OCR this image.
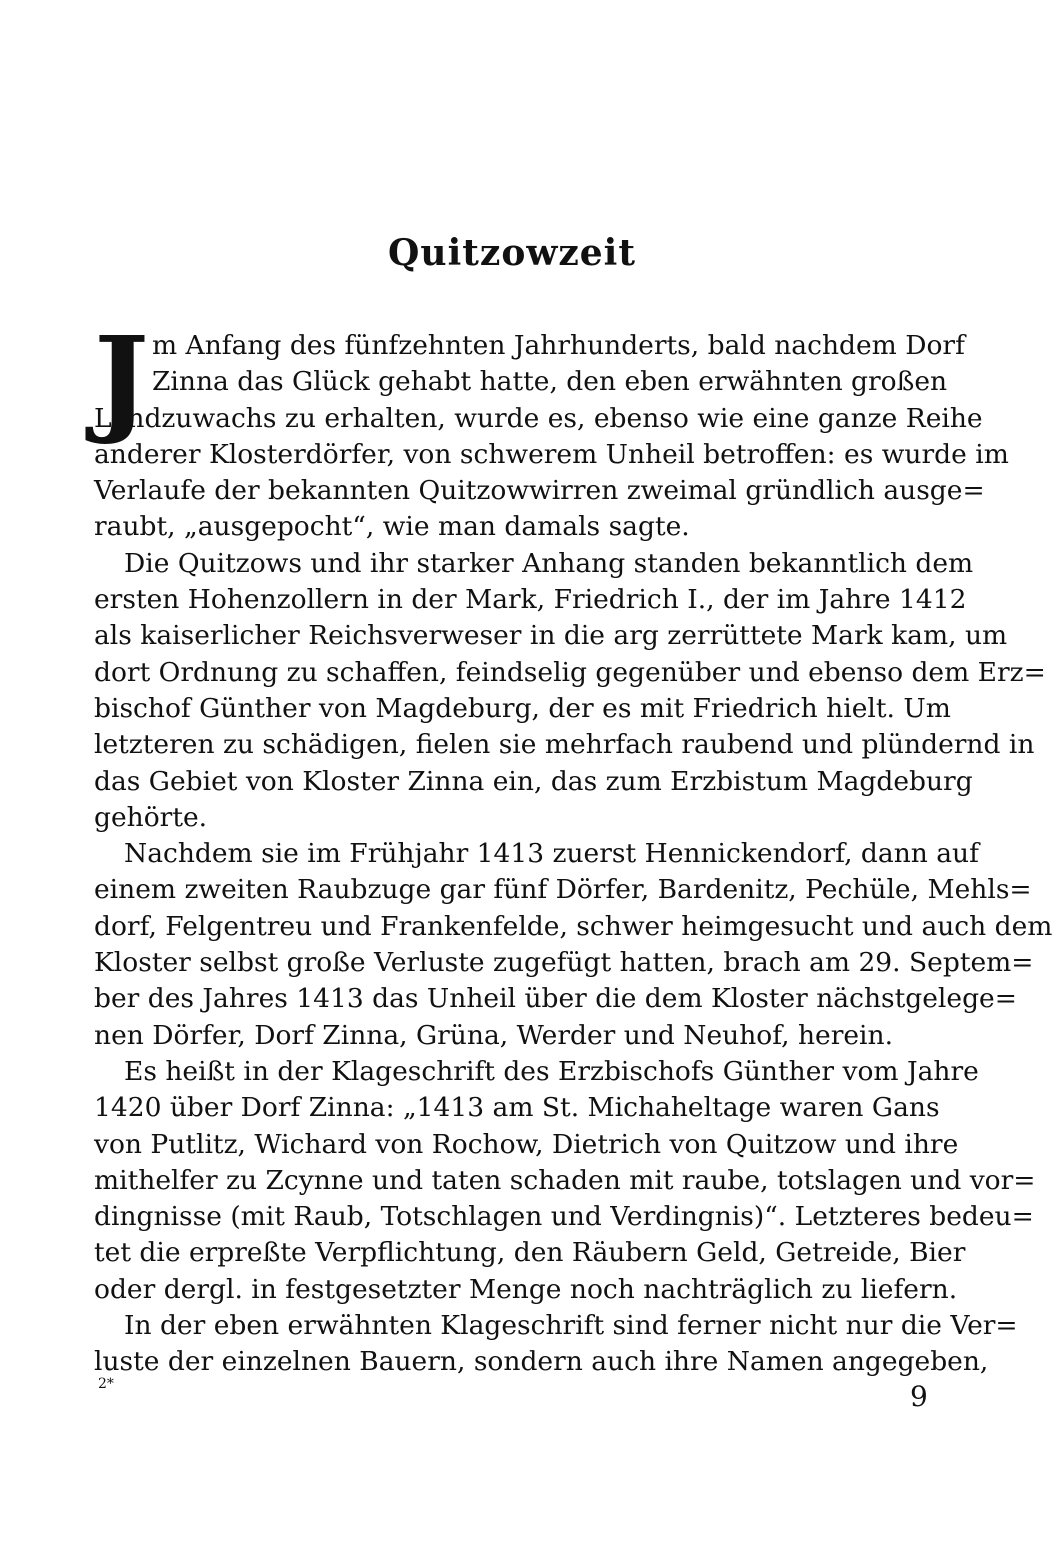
Quitzowzeit
J m Anfang des fünfzehnten Jahrhunderts, bald nachdem Dorf
Zinna das Glück gehabt hatte, den eben erwähnten großen
Landzuwachs zu erhalten, wurde es, ebenso wie eine ganze Reihe
anderer Klosterdörfer, von schwerem Unheil betroffen: es wurde im
Verlaufe der bekannten Quitzowwirren zweimal gründlich ausge=
raubt, „ausgepocht“, wie man damals sagte.
Die Quitzows und ihr starker Anhang standen bekanntlich dem
ersten Hohenzollern in der Mark, Friedrich I., der im Jahre 1412
als kaiserlicher Reichsverweser in die arg zerrüttete Mark kam, um
dort Ordnung zu schaffen, feindselig gegenüber und ebenso dem Erz=
bischof Günther von Magdeburg, der es mit Friedrich hielt. Um
letzteren zu schädigen, fielen sie mehrfach raubend und plündernd in
das Gebiet von Kloster Zinna ein, das zum Erzbistum Magdeburg
gehörte.
Nachdem sie im Frühjahr 1413 zuerst Hennickendorf, dann auf
einem zweiten Raubzuge gar fünf Dörfer, Bardenitz, Pechüle, Mehls=
dorf, Felgentreu und Frankenfelde, schwer heimgesucht und auch dem
Kloster selbst große Verluste zugefügt hatten, brach am 29. Septem=
ber des Jahres 1413 das Unheil über die dem Kloster nächstgelege=
nen Dörfer, Dorf Zinna, Grüna, Werder und Neuhof, herein.
Es heißt in der Klageschrift des Erzbischofs Günther vom Jahre
1420 über Dorf Zinna: „1413 am St. Michaheltage waren Gans
von Putlitz, Wichard von Rochow, Dietrich von Quitzow und ihre
mithelfer zu Zcynne und taten schaden mit raube, totslagen und vor=
dingnisse (mit Raub, Totschlagen und Verdingnis)“. Letzteres bedeu=
tet die erpreßte Verpflichtung, den Räubern Geld, Getreide, Bier
oder dergl. in festgesetzter Menge noch nachträglich zu liefern.
In der eben erwähnten Klageschrift sind ferner nicht nur die Ver=
luste der einzelnen Bauern, sondern auch ihre Namen angegeben,
2*	9
